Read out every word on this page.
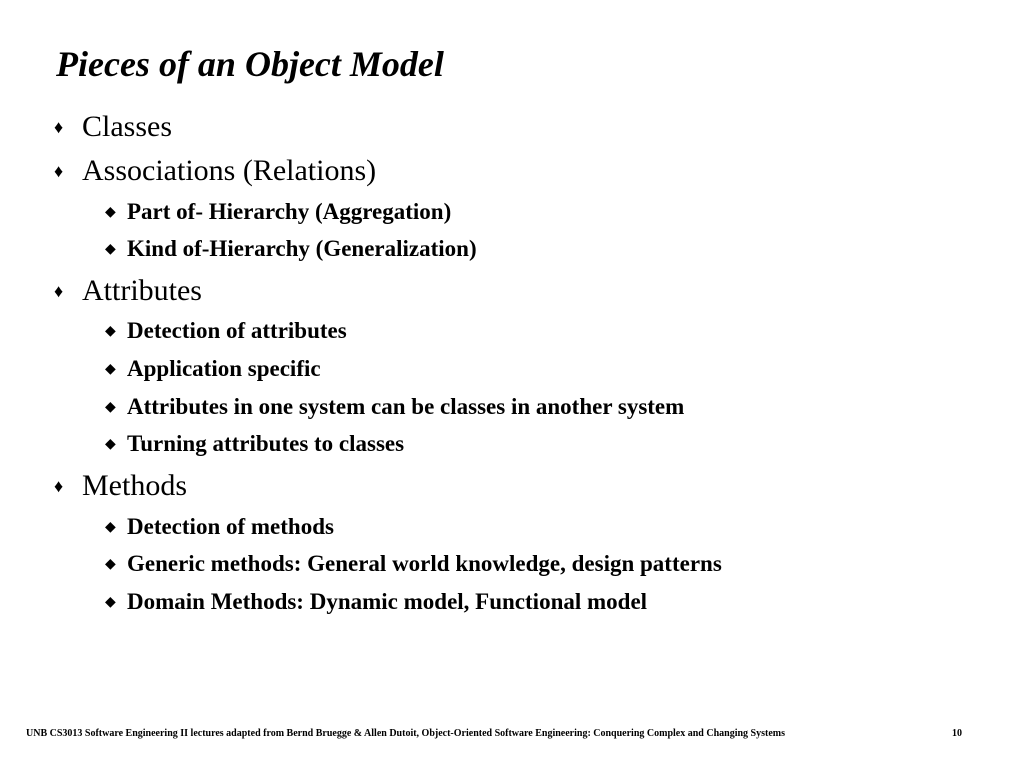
Pieces of an Object Model
♦ Classes
♦ Associations (Relations)
◆ Part of- Hierarchy (Aggregation)
◆ Kind of-Hierarchy (Generalization)
♦ Attributes
◆ Detection of attributes
◆ Application specific
◆ Attributes in one system can be classes in another system
◆ Turning attributes to classes
♦ Methods
◆ Detection of methods
◆ Generic methods: General world knowledge, design patterns
◆ Domain Methods: Dynamic model, Functional model
UNB CS3013 Software Engineering II lectures adapted from Bernd Bruegge & Allen Dutoit, Object-Oriented Software Engineering: Conquering Complex and Changing Systems	10
